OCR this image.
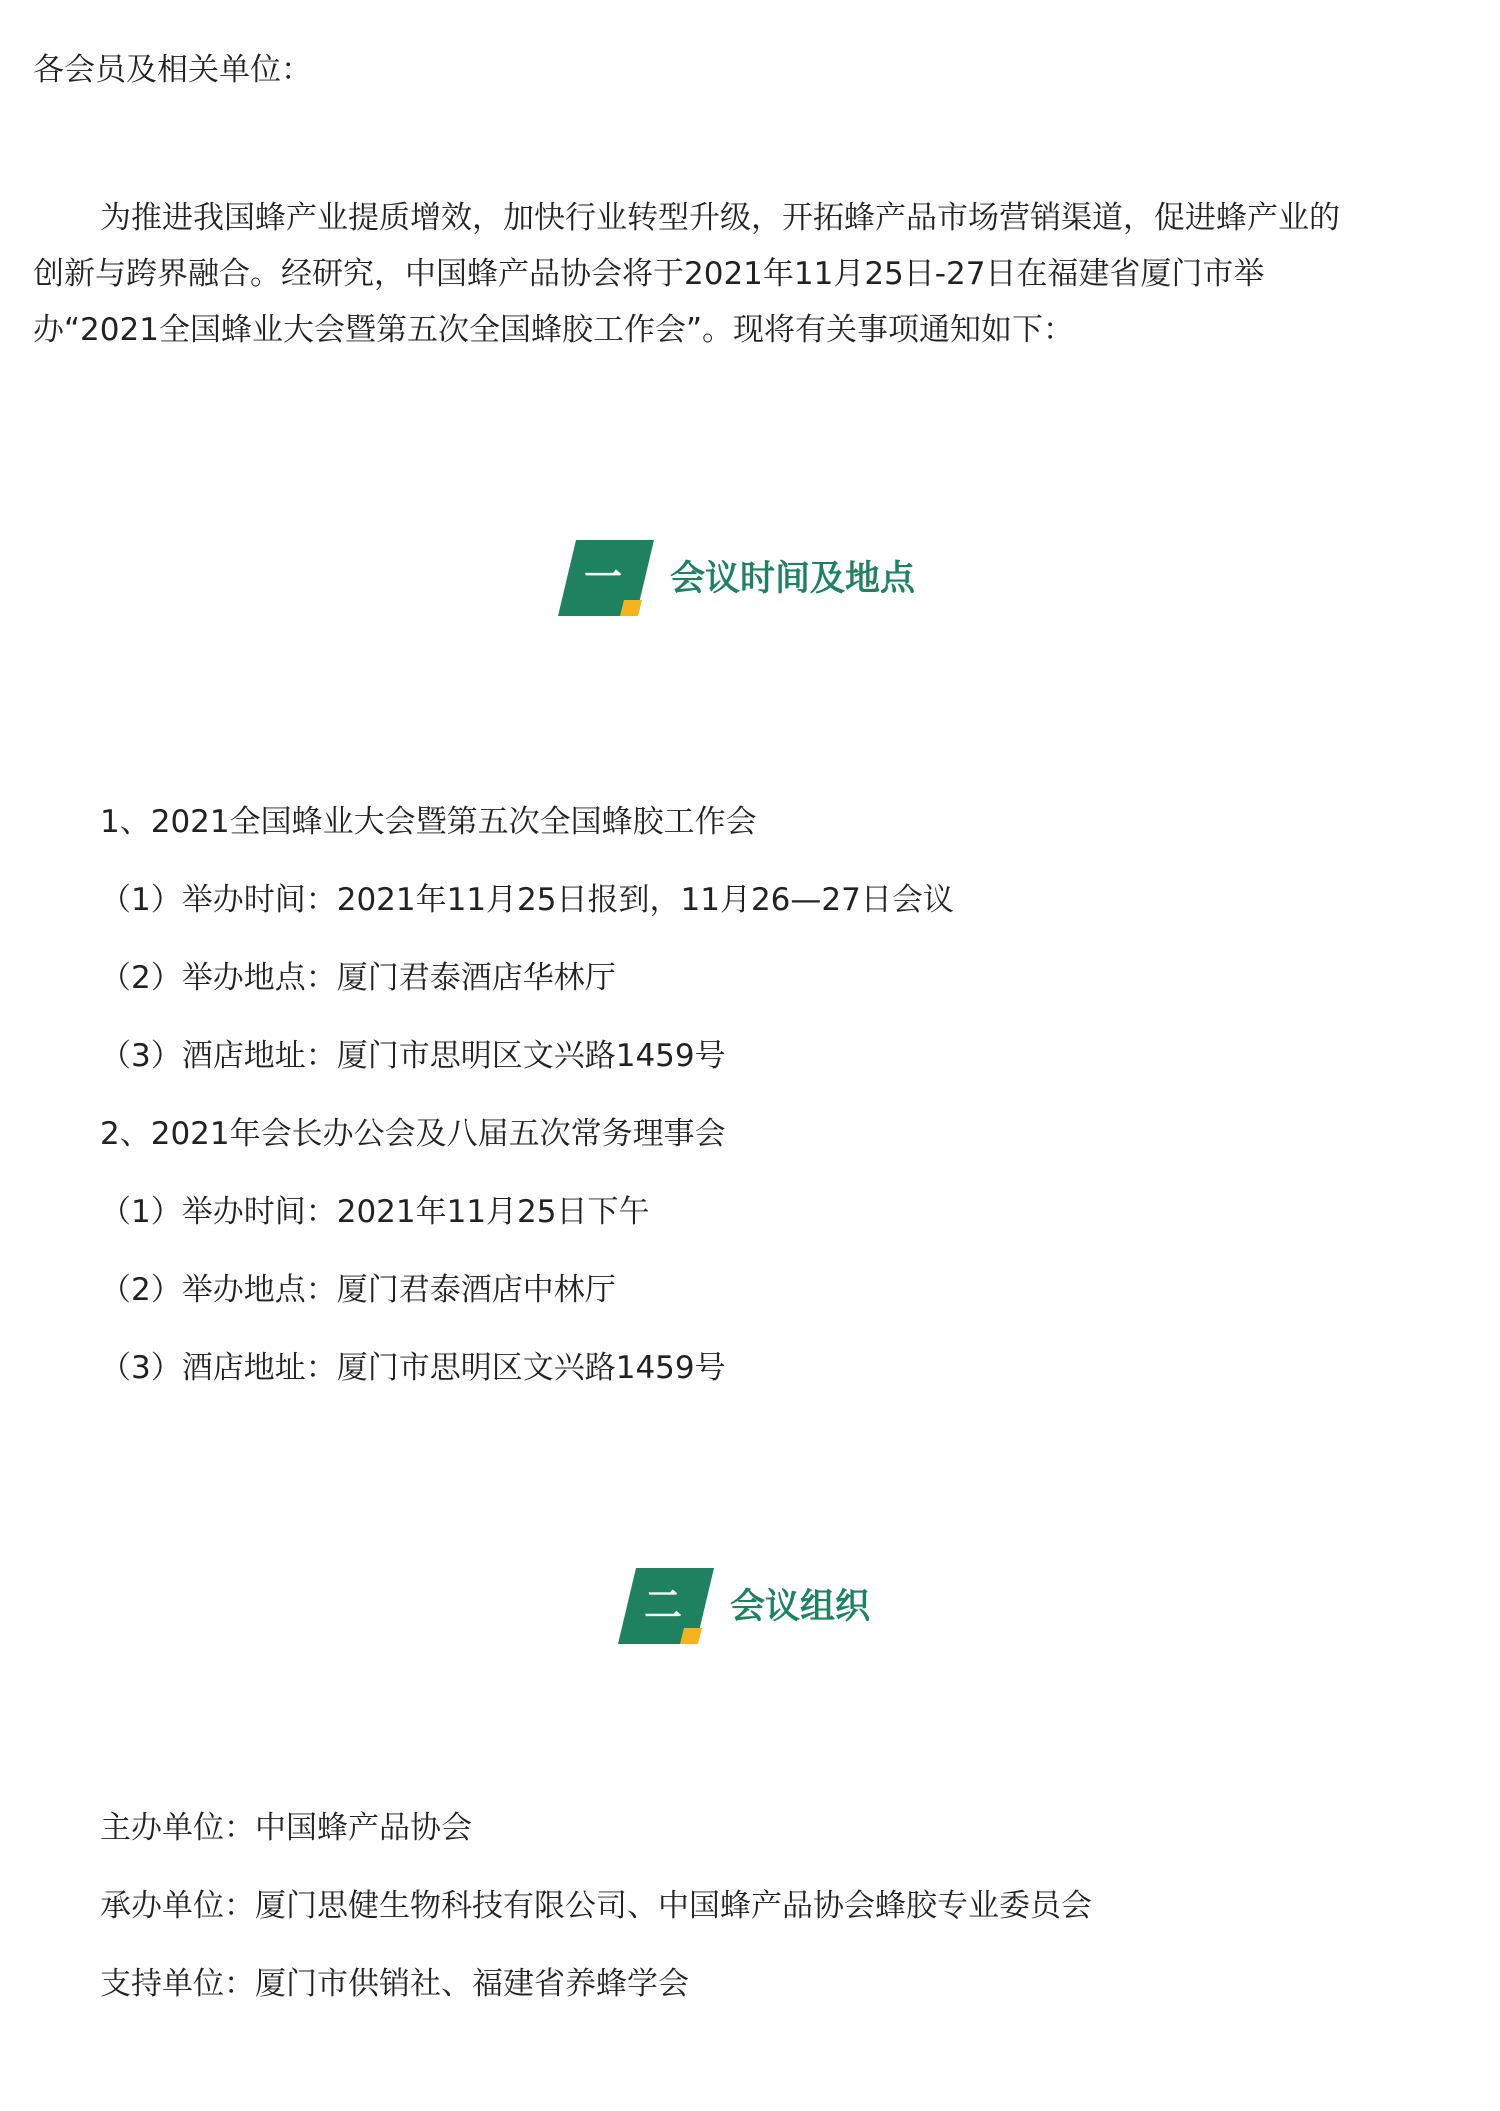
各会员及相关单位：
为推进我国蜂产业提质增效，加快行业转型升级，开拓蜂产品市场营销渠道，促进蜂产业的
创新与跨界融合。经研究，中国蜂产品协会将于2021年11月25日-27日在福建省厦门市举
办“2021全国蜂业大会暨第五次全国蜂胶工作会”。现将有关事项通知如下：
一	会议时间及地点
1、2021全国蜂业大会暨第五次全国蜂胶工作会
（1）举办时间：2021年11月25日报到，11月26—27日会议
（2）举办地点：厦门君泰酒店华林厅
（3）酒店地址：厦门市思明区文兴路1459号
2、2021年会长办公会及八届五次常务理事会
（1）举办时间：2021年11月25日下午
（2）举办地点：厦门君泰酒店中林厅
（3）酒店地址：厦门市思明区文兴路1459号
二	会议组织
主办单位：中国蜂产品协会
承办单位：厦门思健生物科技有限公司、中国蜂产品协会蜂胶专业委员会
支持单位：厦门市供销社、福建省养蜂学会
